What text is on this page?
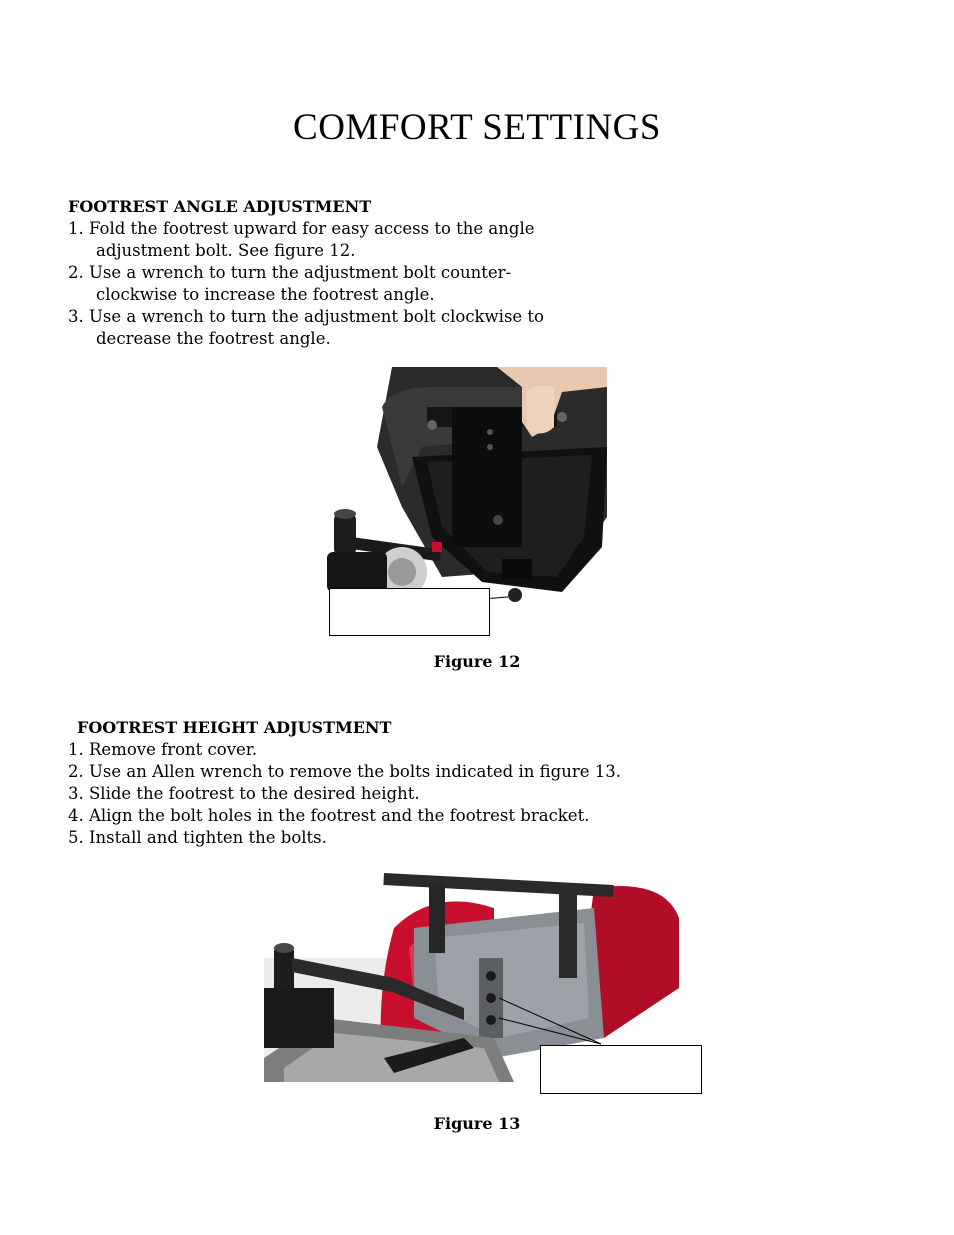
COMFORT SETTINGS
FOOTREST ANGLE ADJUSTMENT
1. Fold the footrest upward for easy access to the angle adjustment bolt. See figure 12.
2. Use a wrench to turn the adjustment bolt counter-clockwise to increase the footrest angle.
3. Use a wrench to turn the adjustment bolt clockwise to decrease the footrest angle.
Figure 12
FOOTREST HEIGHT ADJUSTMENT
1. Remove front cover.
2. Use an Allen wrench to remove the bolts indicated in figure 13.
3. Slide the footrest to the desired height.
4. Align the bolt holes in the footrest and the footrest bracket.
5. Install and tighten the bolts.
Figure 13
